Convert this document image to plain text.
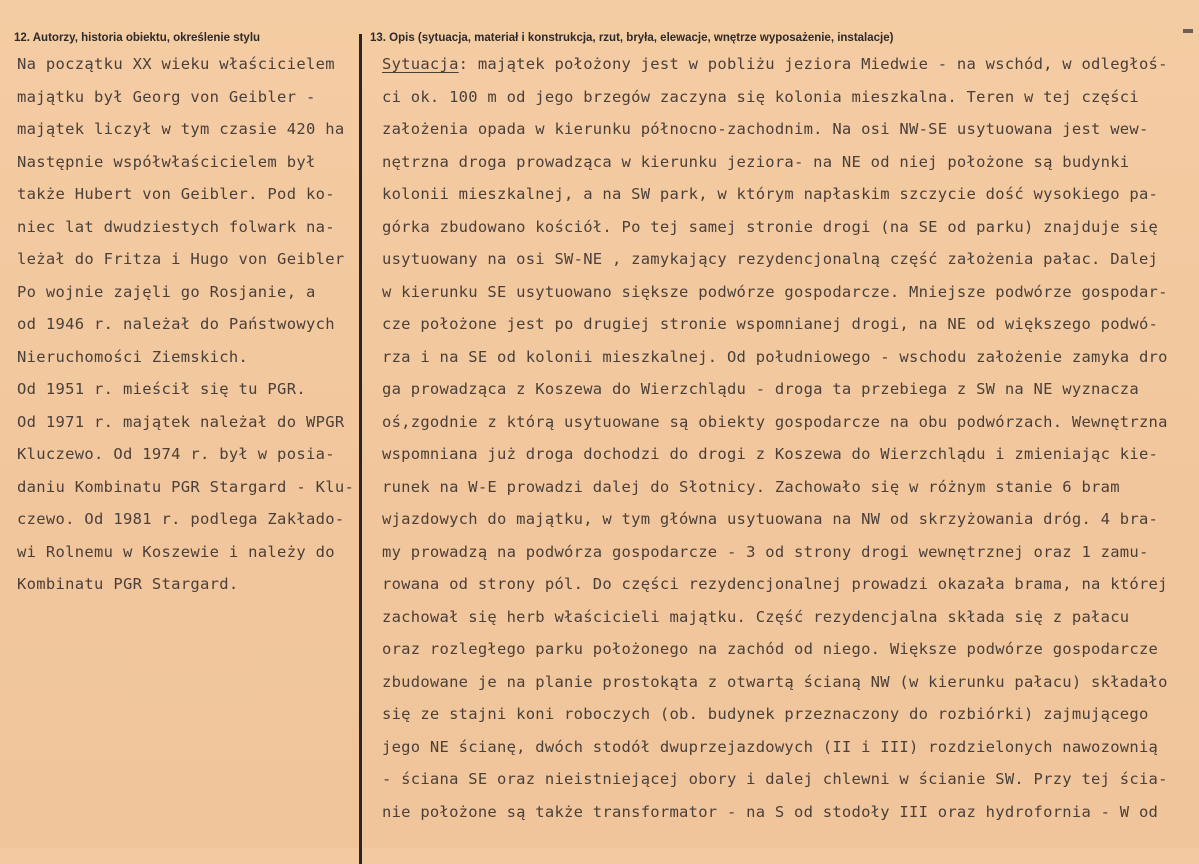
12. Autorzy, historia obiektu, określenie stylu	13. Opis (sytuacja, materiał i konstrukcja, rzut, bryła, elewacje, wnętrze wyposażenie, instalacje)
Na początku XX wieku właścicielem
majątku był Georg von Geibler -
majątek liczył w tym czasie 420 ha
Następnie współwłaścicielem był
także Hubert von Geibler. Pod ko-
niec lat dwudziestych folwark na-
leżał do Fritza i Hugo von Geibler
Po wojnie zajęli go Rosjanie, a
od 1946 r. należał do Państwowych
Nieruchomości Ziemskich.
Od 1951 r. mieścił się tu PGR.
Od 1971 r. majątek należał do WPGR
Kluczewo. Od 1974 r. był w posia-
daniu Kombinatu PGR Stargard - Klu-
czewo. Od 1981 r. podlega Zakłado-
wi Rolnemu w Koszewie i należy do
Kombinatu PGR Stargard.
Sytuacja: majątek położony jest w pobliżu jeziora Miedwie - na wschód, w odległoś-
ci ok. 100 m od jego brzegów zaczyna się kolonia mieszkalna. Teren w tej części
założenia opada w kierunku północno-zachodnim. Na osi NW-SE usytuowana jest wew-
nętrzna droga prowadząca w kierunku jeziora- na NE od niej położone są budynki
kolonii mieszkalnej, a na SW park, w którym napłaskim szczycie dość wysokiego pa-
górka zbudowano kościół. Po tej samej stronie drogi (na SE od parku) znajduje się
usytuowany na osi SW-NE , zamykający rezydencjonalną część założenia pałac. Dalej
w kierunku SE usytuowano siększe podwórze gospodarcze. Mniejsze podwórze gospodar-
cze położone jest po drugiej stronie wspomnianej drogi, na NE od większego podwó-
rza i na SE od kolonii mieszkalnej. Od południowego - wschodu założenie zamyka dro
ga prowadząca z Koszewa do Wierzchlądu - droga ta przebiega z SW na NE wyznacza
oś,zgodnie z którą usytuowane są obiekty gospodarcze na obu podwórzach. Wewnętrzna
wspomniana już droga dochodzi do drogi z Koszewa do Wierzchlądu i zmieniając kie-
runek na W-E prowadzi dalej do Słotnicy. Zachowało się w różnym stanie 6 bram
wjazdowych do majątku, w tym główna usytuowana na NW od skrzyżowania dróg. 4 bra-
my prowadzą na podwórza gospodarcze - 3 od strony drogi wewnętrznej oraz 1 zamu-
rowana od strony pól. Do części rezydencjonalnej prowadzi okazała brama, na której
zachował się herb właścicieli majątku. Część rezydencjalna składa się z pałacu
oraz rozległego parku położonego na zachód od niego. Większe podwórze gospodarcze
zbudowane je na planie prostokąta z otwartą ścianą NW (w kierunku pałacu) składało
się ze stajni koni roboczych (ob. budynek przeznaczony do rozbiórki) zajmującego
jego NE ścianę, dwóch stodół dwuprzejazdowych (II i III) rozdzielonych nawozownią
- ściana SE oraz nieistniejącej obory i dalej chlewni w ścianie SW. Przy tej ścia-
nie położone są także transformator - na S od stodoły III oraz hydrofornia - W od
